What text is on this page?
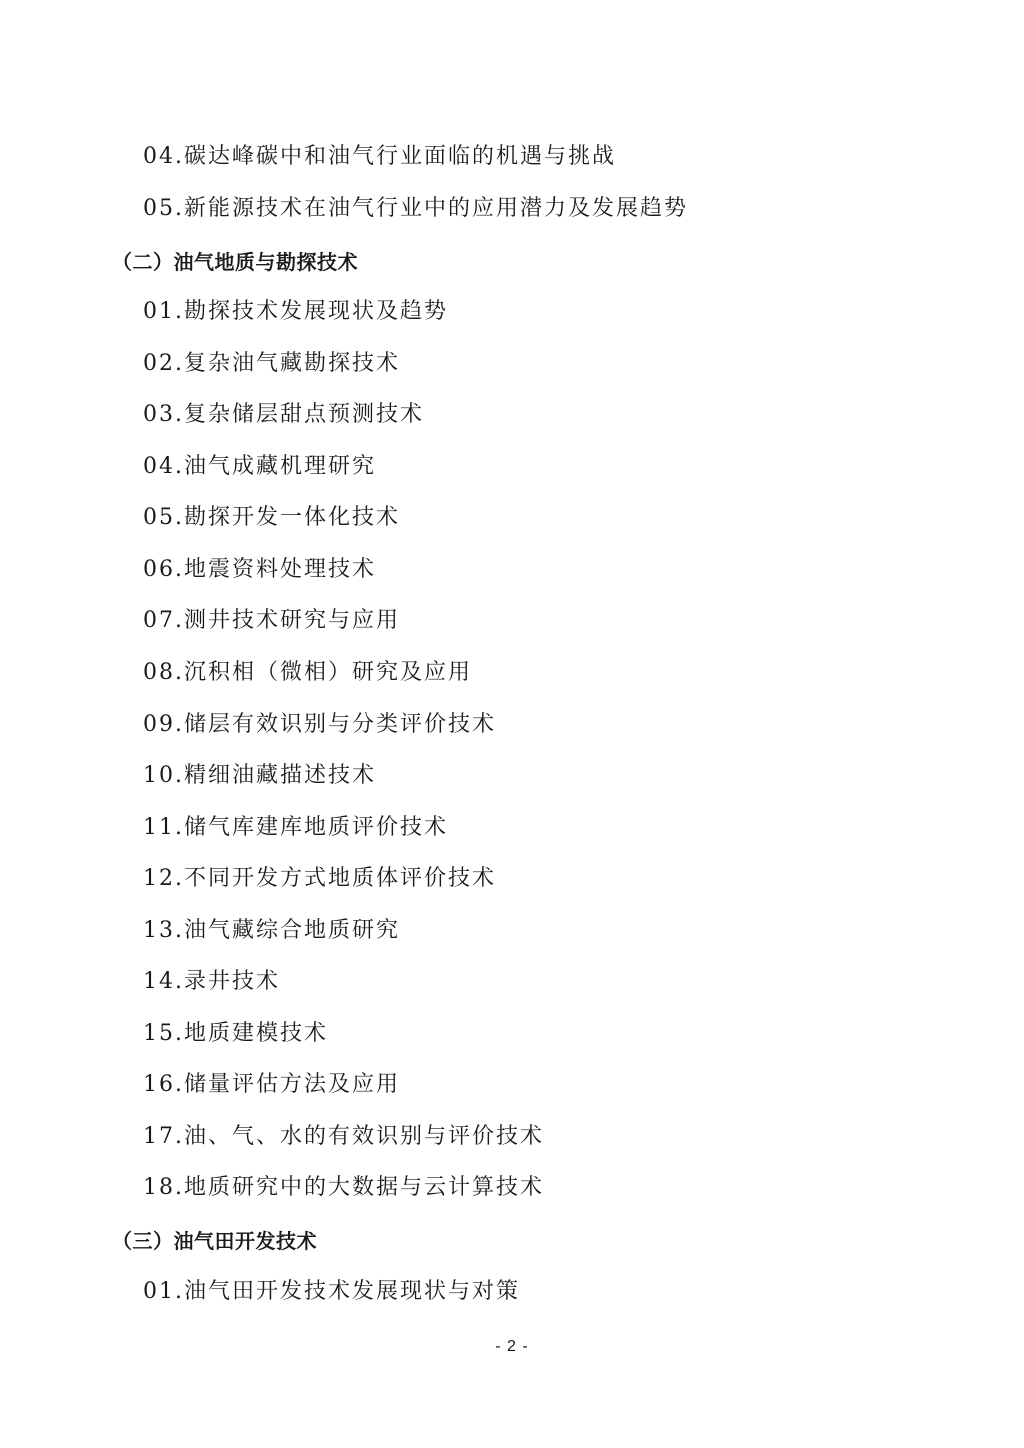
04.碳达峰碳中和油气行业面临的机遇与挑战
05.新能源技术在油气行业中的应用潜力及发展趋势
（二）油气地质与勘探技术
01.勘探技术发展现状及趋势
02.复杂油气藏勘探技术
03.复杂储层甜点预测技术
04.油气成藏机理研究
05.勘探开发一体化技术
06.地震资料处理技术
07.测井技术研究与应用
08.沉积相（微相）研究及应用
09.储层有效识别与分类评价技术
10.精细油藏描述技术
11.储气库建库地质评价技术
12.不同开发方式地质体评价技术
13.油气藏综合地质研究
14.录井技术
15.地质建模技术
16.储量评估方法及应用
17.油、气、水的有效识别与评价技术
18.地质研究中的大数据与云计算技术
（三）油气田开发技术
01.油气田开发技术发展现状与对策
- 2 -
